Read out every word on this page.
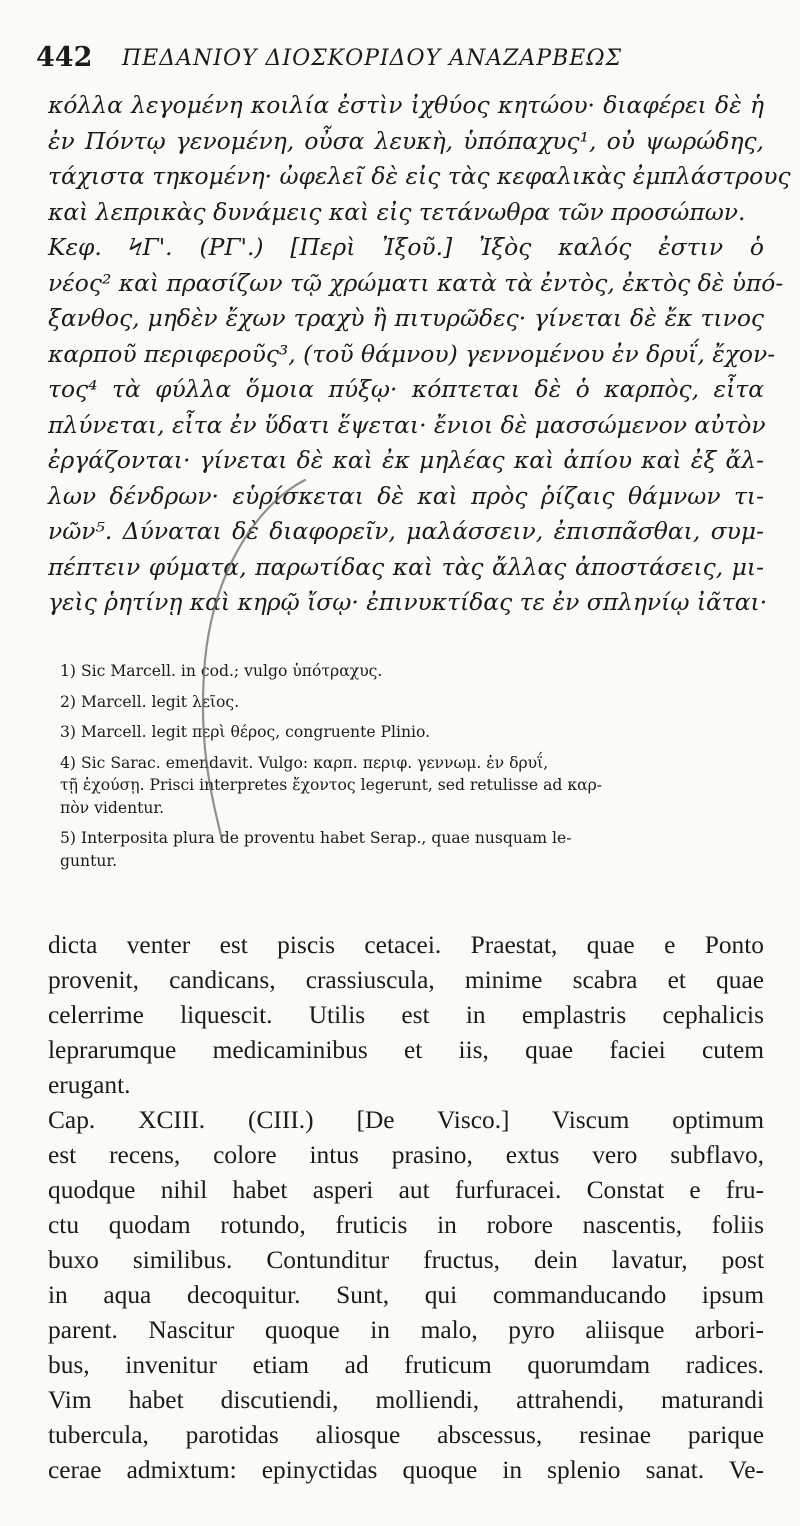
442 ΠΕΔΑΝΙΟΥ ΔΙΟΣΚΟΡΙΔΟΥ ΑΝΑΖΑΡΒΕΩΣ
κόλλα λεγομένη κοιλία ἐστὶν ἰχθύος κητώου· διαφέρει δὲ ἡ
ἐν Πόντῳ γενομένη, οὖσα λευκὴ, ὑπόπαχυς¹, οὐ ψωρώδης,
τάχιστα τηκομένη· ὠφελεῖ δὲ εἰς τὰς κεφαλικὰς ἐμπλάστρους
καὶ λεπρικὰς δυνάμεις καὶ εἰς τετάνωθρα τῶν προσώπων.
Κεφ. ϞΓ'. (ΡΓ'.) [Περὶ Ἰξοῦ.] Ἰξὸς καλός ἐστιν ὁ
νέος² καὶ πρασίζων τῷ χρώματι κατὰ τὰ ἐντὸς, ἐκτὸς δὲ ὑπό-
ξανθος, μηδὲν ἔχων τραχὺ ἢ πιτυρῶδες· γίνεται δὲ ἔκ τινος
καρποῦ περιφεροῦς³, (τοῦ θάμνου) γεννομένου ἐν δρυΐ, ἔχον-
τος⁴ τὰ φύλλα ὅμοια πύξῳ· κόπτεται δὲ ὁ καρπὸς, εἶτα
πλύνεται, εἶτα ἐν ὕδατι ἕψεται· ἔνιοι δὲ μασσώμενον αὐτὸν
ἐργάζονται· γίνεται δὲ καὶ ἐκ μηλέας καὶ ἀπίου καὶ ἐξ ἄλ-
λων δένδρων· εὑρίσκεται δὲ καὶ πρὸς ῥίζαις θάμνων τι-
νῶν⁵. Δύναται δὲ διαφορεῖν, μαλάσσειν, ἐπισπᾶσθαι, συμ-
πέπτειν φύματα, παρωτίδας καὶ τὰς ἄλλας ἀποστάσεις, μι-
γεὶς ῥητίνῃ καὶ κηρῷ ἴσῳ· ἐπινυκτίδας τε ἐν σπληνίῳ ἰᾶται·
1) Sic Marcell. in cod.; vulgo ὑπότραχυς.
2) Marcell. legit λεῖος.
3) Marcell. legit περὶ θέρος, congruente Plinio.
4) Sic Sarac. emendavit. Vulgo: καρπ. περιφ. γεννωμ. ἐν δρυΐ,
τῇ ἐχούσῃ. Prisci interpretes ἔχοντος legerunt, sed retulisse ad καρ-
πὸν videntur.
5) Interposita plura de proventu habet Serap., quae nusquam le-
guntur.
dicta venter est piscis cetacei. Praestat, quae e Ponto
provenit, candicans, crassiuscula, minime scabra et quae
celerrime liquescit. Utilis est in emplastris cephalicis
leprarumque medicaminibus et iis, quae faciei cutem
erugant.
Cap. XCIII. (CIII.) [De Visco.] Viscum optimum
est recens, colore intus prasino, extus vero subflavo,
quodque nihil habet asperi aut furfuracei. Constat e fru-
ctu quodam rotundo, fruticis in robore nascentis, foliis
buxo similibus. Contunditur fructus, dein lavatur, post
in aqua decoquitur. Sunt, qui commanducando ipsum
parent. Nascitur quoque in malo, pyro aliisque arbori-
bus, invenitur etiam ad fruticum quorumdam radices.
Vim habet discutiendi, molliendi, attrahendi, maturandi
tubercula, parotidas aliosque abscessus, resinae parique
cerae admixtum: epinyctidas quoque in splenio sanat. Ve-
